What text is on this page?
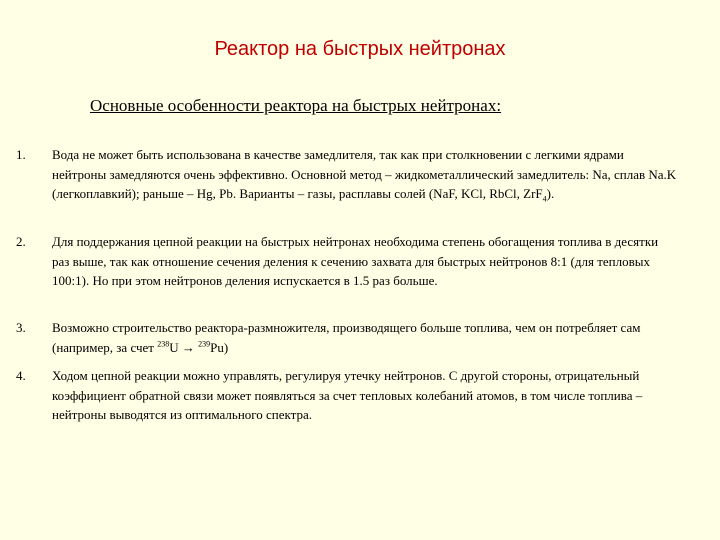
Реактор на быстрых нейтронах
Основные особенности реактора на быстрых нейтронах:
1. Вода не может быть использована в качестве замедлителя, так как при столкновении с легкими ядрами нейтроны замедляются очень эффективно. Основной метод – жидкометаллический замедлитель: Na, сплав Na.K (легкоплавкий); раньше – Hg, Pb. Варианты – газы, расплавы солей (NaF, KCl, RbCl, ZrF$_4$).
2. Для поддержания цепной реакции на быстрых нейтронах необходима степень обогащения топлива в десятки раз выше, так как отношение сечения деления к сечению захвата для быстрых нейтронов 8:1 (для тепловых 100:1). Но при этом нейтронов деления испускается в 1.5 раз больше.
3. Возможно строительство реактора-размножителя, производящего больше топлива, чем он потребляет сам (например, за счет $^{238}$U → $^{239}$Pu)
4. Ходом цепной реакции можно управлять, регулируя утечку нейтронов. С другой стороны, отрицательный коэффициент обратной связи может появляться за счет тепловых колебаний атомов, в том числе топлива – нейтроны выводятся из оптимального спектра.
